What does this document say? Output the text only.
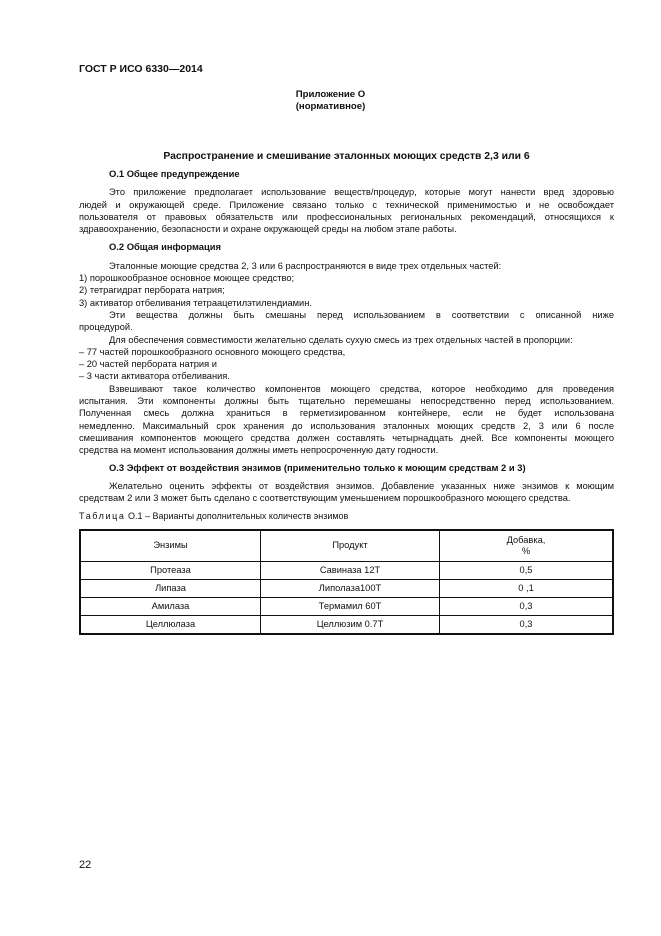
ГОСТ Р ИСО 6330—2014
Приложение О
(нормативное)
Распространение и смешивание эталонных моющих средств 2,3 или 6
О.1 Общее предупреждение

Это приложение предполагает использование веществ/процедур, которые могут нанести вред здоровью
людей и окружающей среде. Приложение связано только с технической применимостью и не освобождает
пользователя от правовых обязательств или профессиональных региональных рекомендаций, относящихся к
здравоохранению, безопасности и охране окружающей среды на любом этапе работы.

О.2 Общая информация

Эталонные моющие средства 2, 3 или 6 распространяются в виде трех отдельных частей:

1) порошкообразное основное моющее средство;

2) тетрагидрат пербората натрия;

3) активатор отбеливания тетраацетилэтилендиамин.

Эти вещества должны быть смешаны перед использованием в соответствии с описанной ниже
процедурой.

Для обеспечения совместимости желательно сделать сухую смесь из трех отдельных частей в пропорции:

– 77 частей порошкообразного основного моющего средства,

– 20 частей пербората натрия и

– 3 части активатора отбеливания.

Взвешивают такое количество компонентов моющего средства, которое необходимо для проведения
испытания. Эти компоненты должны быть тщательно перемешаны непосредственно перед использованием.
Полученная смесь должна храниться в герметизированном контейнере, если не будет использована
немедленно. Максимальный срок хранения до использования эталонных моющих средств 2, 3 или 6 после
смешивания компонентов моющего средства должен составлять четырнадцать дней. Все компоненты моющего
средства на момент использования должны иметь непросроченную дату годности.

О.3 Эффект от воздействия энзимов (применительно только к моющим средствам 2 и 3)

Желательно оценить эффекты от воздействия энзимов. Добавление указанных ниже энзимов к моющим
средствам 2 или 3 может быть сделано с соответствующим уменьшением порошкообразного моющего средства.

Таблица О.1 – Варианты дополнительных количеств энзимов
Энзимы	Продукт	Добавка,
%

Протеаза	Савиназа 12Т	0,5
Липаза	Липолаза100Т	0 ,1
Амилаза	Термамил 60Т	0,3
Целлюлаза	Целлюзим 0.7Т	0,3
22
